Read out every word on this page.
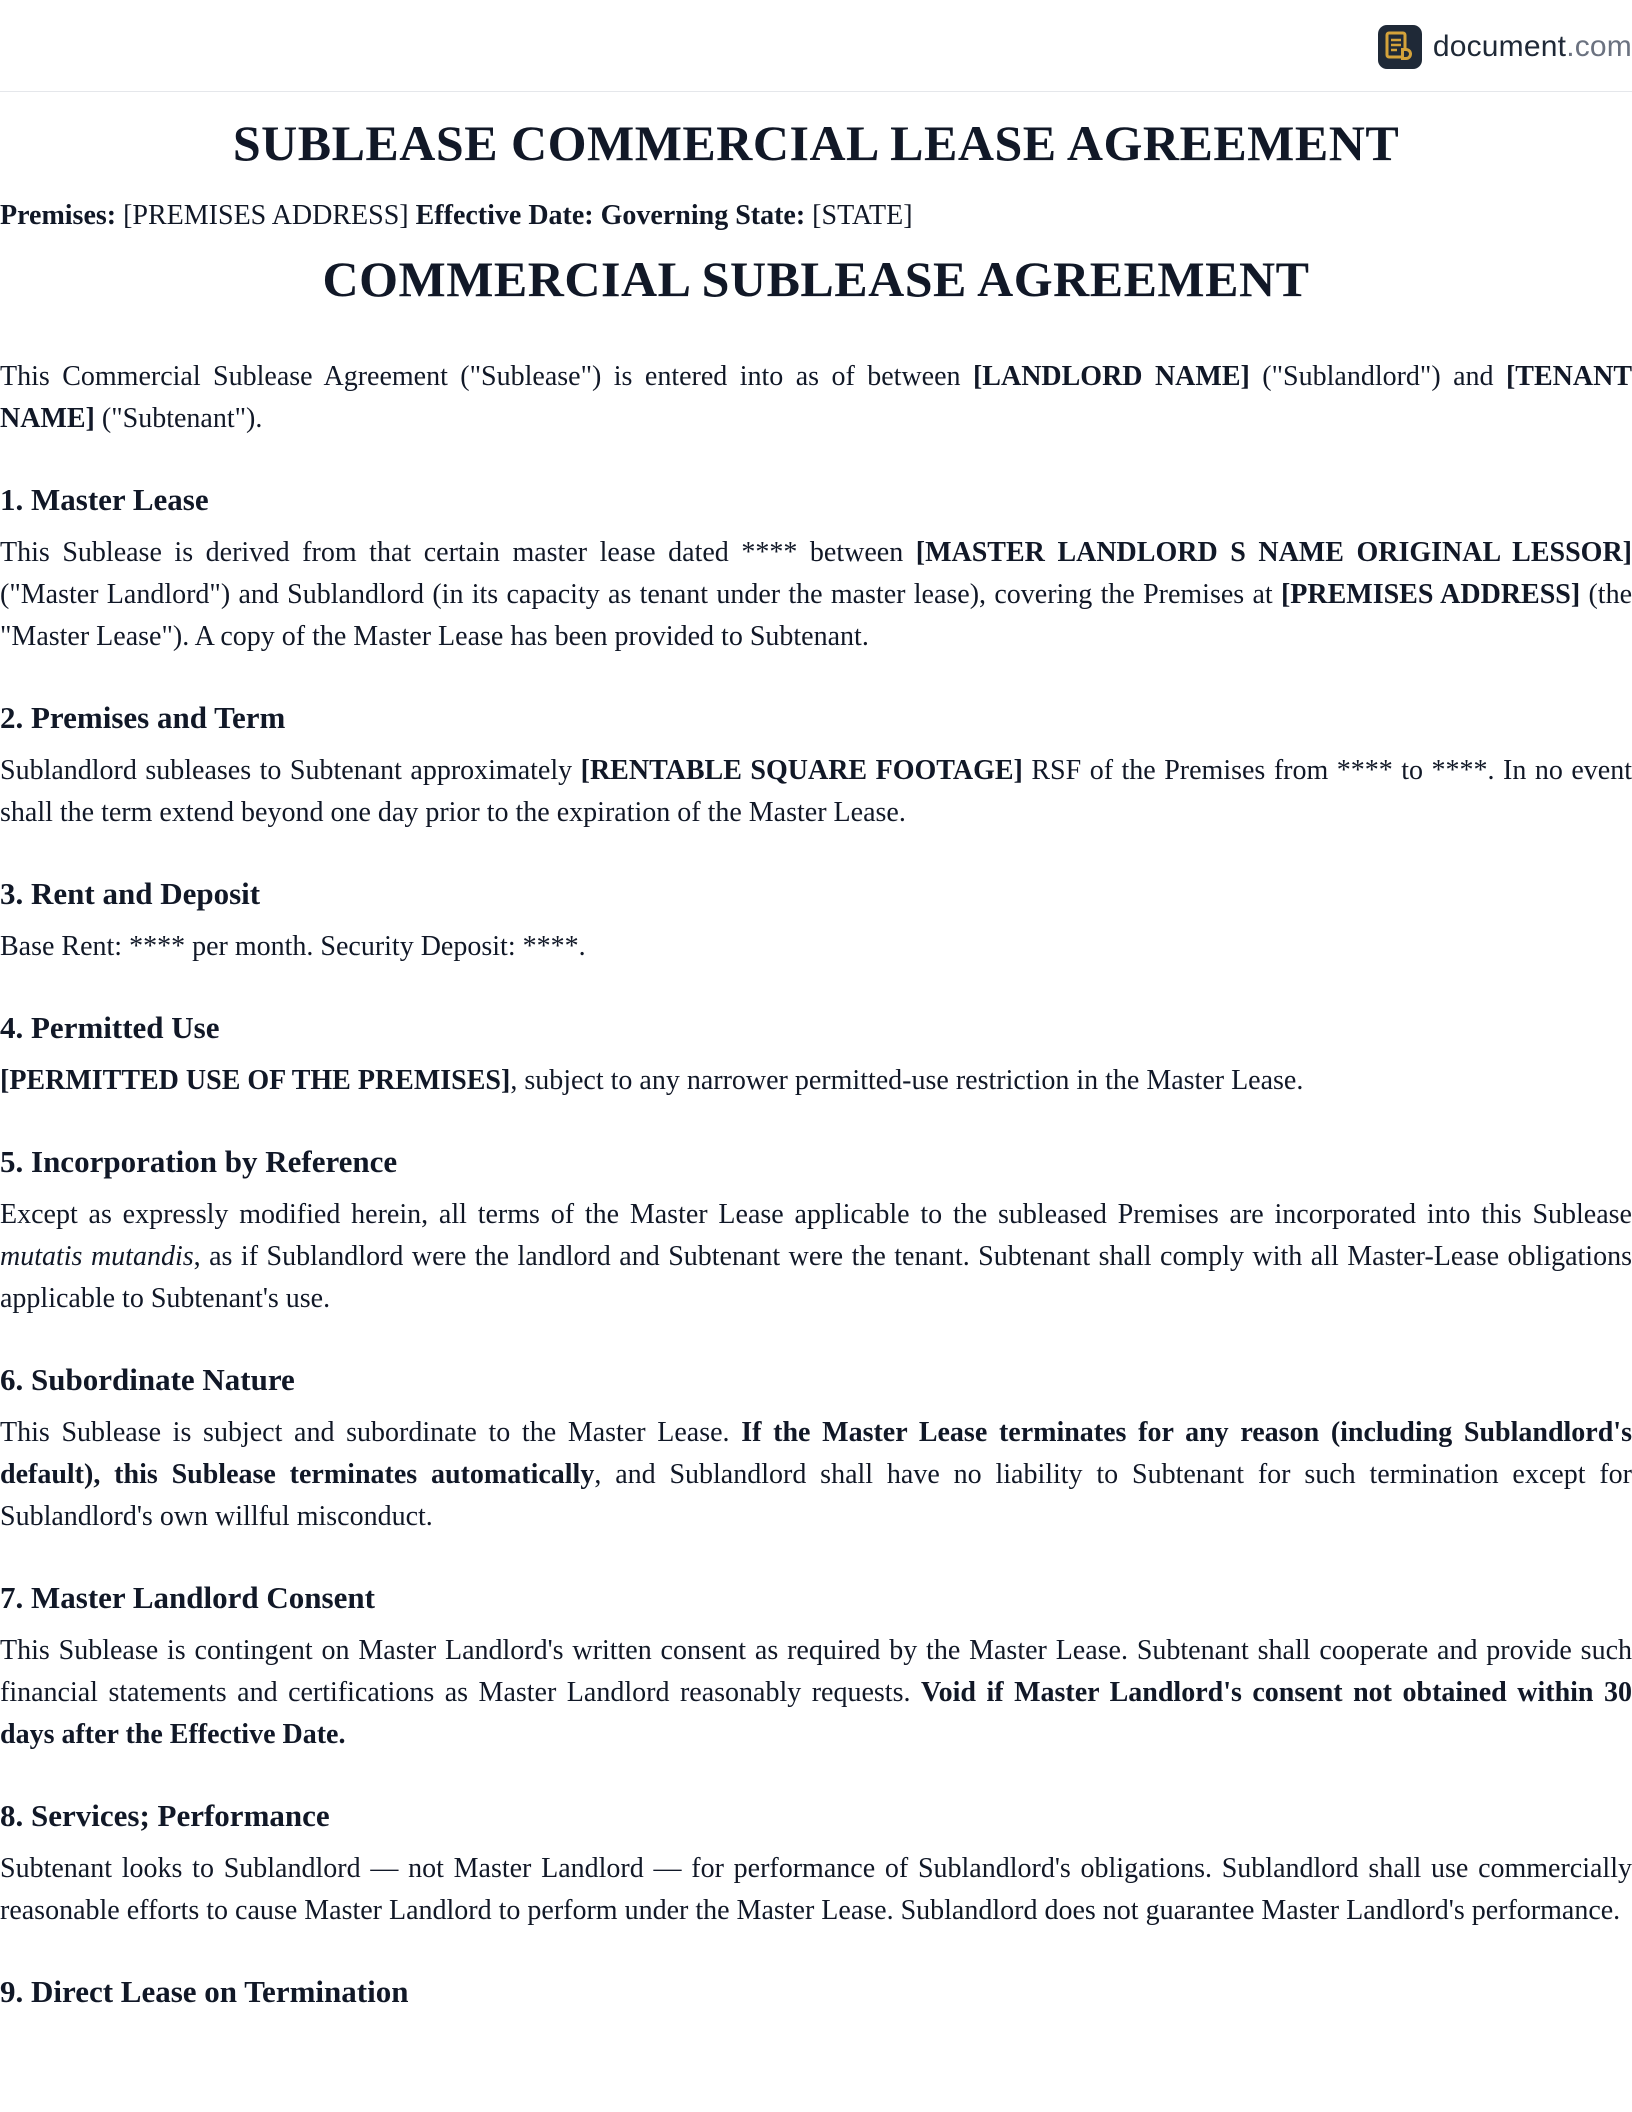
document.com
SUBLEASE COMMERCIAL LEASE AGREEMENT
Premises: [PREMISES ADDRESS] Effective Date: Governing State: [STATE]
COMMERCIAL SUBLEASE AGREEMENT

This Commercial Sublease Agreement ("Sublease") is entered into as of between [LANDLORD NAME] ("Sublandlord") and [TENANT NAME] ("Subtenant").

1. Master Lease

This Sublease is derived from that certain master lease dated **** between [MASTER LANDLORD S NAME ORIGINAL LESSOR] ("Master Landlord") and Sublandlord (in its capacity as tenant under the master lease), covering the Premises at [PREMISES ADDRESS] (the "Master Lease"). A copy of the Master Lease has been provided to Subtenant.

2. Premises and Term

Sublandlord subleases to Subtenant approximately [RENTABLE SQUARE FOOTAGE] RSF of the Premises from **** to ****. In no event shall the term extend beyond one day prior to the expiration of the Master Lease.

3. Rent and Deposit

Base Rent: **** per month. Security Deposit: ****.

4. Permitted Use

[PERMITTED USE OF THE PREMISES], subject to any narrower permitted-use restriction in the Master Lease.

5. Incorporation by Reference

Except as expressly modified herein, all terms of the Master Lease applicable to the subleased Premises are incorporated into this Sublease mutatis mutandis, as if Sublandlord were the landlord and Subtenant were the tenant. Subtenant shall comply with all Master-Lease obligations applicable to Subtenant's use.

6. Subordinate Nature

This Sublease is subject and subordinate to the Master Lease. If the Master Lease terminates for any reason (including Sublandlord's default), this Sublease terminates automatically, and Sublandlord shall have no liability to Subtenant for such termination except for Sublandlord's own willful misconduct.

7. Master Landlord Consent

This Sublease is contingent on Master Landlord's written consent as required by the Master Lease. Subtenant shall cooperate and provide such financial statements and certifications as Master Landlord reasonably requests. Void if Master Landlord's consent not obtained within 30 days after the Effective Date.

8. Services; Performance

Subtenant looks to Sublandlord — not Master Landlord — for performance of Sublandlord's obligations. Sublandlord shall use commercially reasonable efforts to cause Master Landlord to perform under the Master Lease. Sublandlord does not guarantee Master Landlord's performance.

9. Direct Lease on Termination
